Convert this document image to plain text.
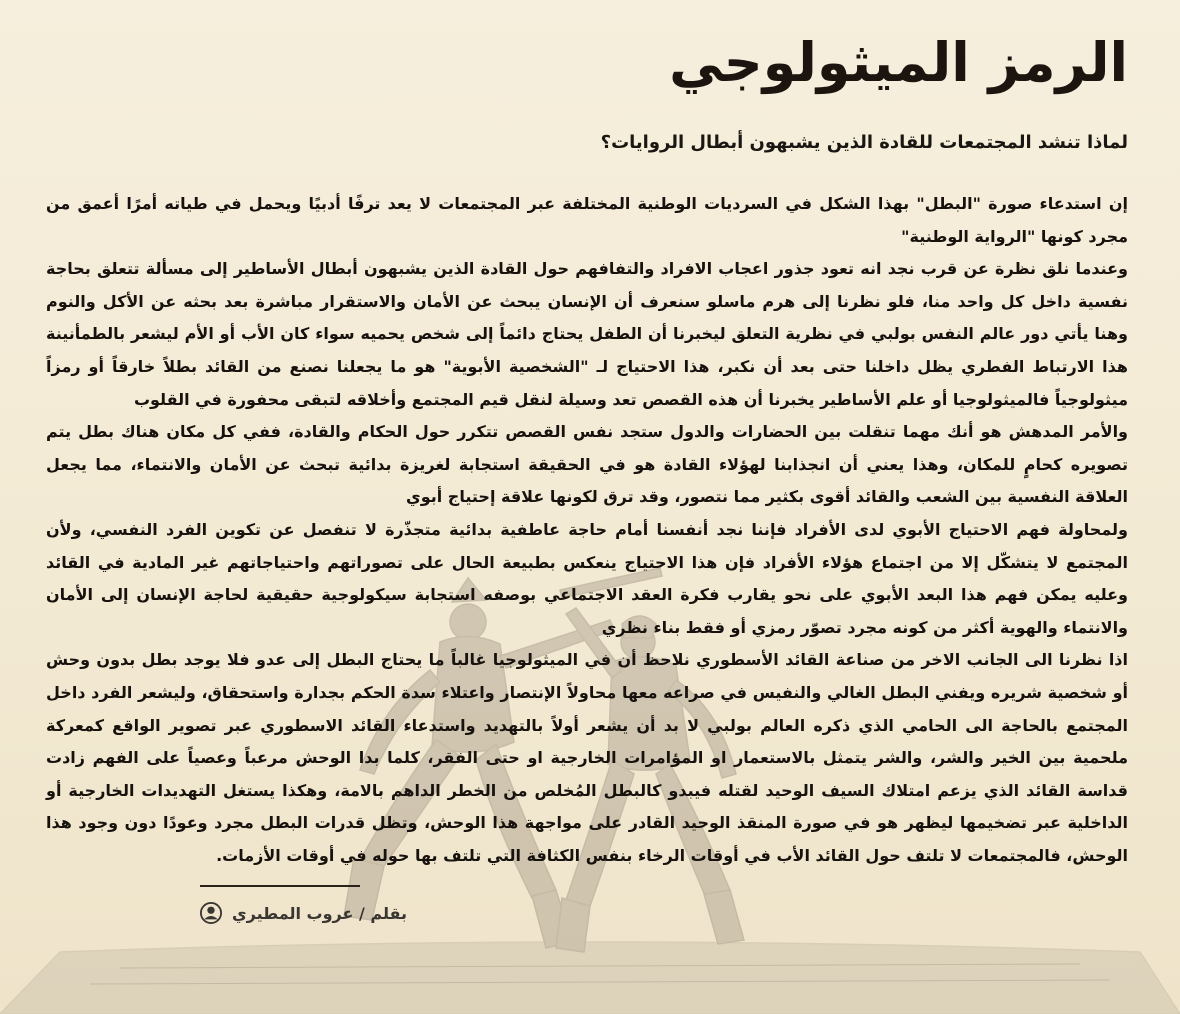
الرمز الميثولوجي
لماذا تنشد المجتمعات للقادة الذين يشبهون أبطال الروايات؟

إن استدعاء صورة "البطل" بهذا الشكل في السرديات الوطنية المختلفة عبر المجتمعات لا يعد ترفًا أدبيًا ويحمل في طياته أمرًا أعمق من مجرد كونها "الرواية الوطنية"

وعندما نلق نظرة عن قرب نجد انه تعود جذور اعجاب الافراد والتفافهم حول القادة الذين يشبهون أبطال الأساطير إلى مسألة تتعلق بحاجة نفسية داخل كل واحد منا، فلو نظرنا إلى هرم ماسلو سنعرف أن الإنسان يبحث عن الأمان والاستقرار مباشرة بعد بحثه عن الأكل والنوم وهنا يأتي دور عالم النفس بولبي في نظرية التعلق ليخبرنا أن الطفل يحتاج دائماً إلى شخص يحميه سواء كان الأب أو الأم ليشعر بالطمأنينة هذا الارتباط الفطري يظل داخلنا حتى بعد أن نكبر، هذا الاحتياج لـ "الشخصية الأبوية" هو ما يجعلنا نصنع من القائد بطلاً خارقاً أو رمزاً ميثولوجياً فالميثولوجيا أو علم الأساطير يخبرنا أن هذه القصص تعد وسيلة لنقل قيم المجتمع وأخلاقه لتبقى محفورة في القلوب

والأمر المدهش هو أنك مهما تنقلت بين الحضارات والدول ستجد نفس القصص تتكرر حول الحكام والقادة، ففي كل مكان هناك بطل يتم تصويره كحامٍ للمكان، وهذا يعني أن انجذابنا لهؤلاء القادة هو في الحقيقة استجابة لغريزة بدائية تبحث عن الأمان والانتماء، مما يجعل العلاقة النفسية بين الشعب والقائد أقوى بكثير مما نتصور، وقد ترق لكونها علاقة إحتياج أبوي

ولمحاولة فهم الاحتياج الأبوي لدى الأفراد فإننا نجد أنفسنا أمام حاجة عاطفية بدائية متجذّرة لا تنفصل عن تكوين الفرد النفسي، ولأن المجتمع لا يتشكّل إلا من اجتماع هؤلاء الأفراد فإن هذا الاحتياج ينعكس بطبيعة الحال على تصوراتهم واحتياجاتهم غير المادية في القائد وعليه يمكن فهم هذا البعد الأبوي على نحو يقارب فكرة العقد الاجتماعي بوصفه استجابة سيكولوجية حقيقية لحاجة الإنسان إلى الأمان والانتماء والهوية أكثر من كونه مجرد تصوّر رمزي أو فقط بناء نظري

اذا نظرنا الى الجانب الاخر من صناعة القائد الأسطوري نلاحظ أن في الميثولوجيا غالباً ما يحتاج البطل إلى عدو فلا يوجد بطل بدون وحش أو شخصية شريره ويفني البطل الغالي والنفيس في صراعه معها محاولاً الإنتصار واعتلاء سدة الحكم بجدارة واستحقاق، وليشعر الفرد داخل المجتمع بالحاجة الى الحامي الذي ذكره العالم بولبي لا بد أن يشعر أولاً بالتهديد واستدعاء القائد الاسطوري عبر تصوير الواقع كمعركة ملحمية بين الخير والشر، والشر يتمثل بالاستعمار او المؤامرات الخارجية او حتى الفقر، كلما بدا الوحش مرعباً وعصياً على الفهم زادت قداسة القائد الذي يزعم امتلاك السيف الوحيد لقتله فيبدو كالبطل المُخلص من الخطر الداهم بالامة، وهكذا يستغل التهديدات الخارجية أو الداخلية عبر تضخيمها ليظهر هو في صورة المنقذ الوحيد القادر على مواجهة هذا الوحش، وتظل قدرات البطل مجرد وعودًا دون وجود هذا الوحش، فالمجتمعات لا تلتف حول القائد الأب في أوقات الرخاء بنفس الكثافة التي تلتف بها حوله في أوقات الأزمات.

بقلم / عروب المطيري
